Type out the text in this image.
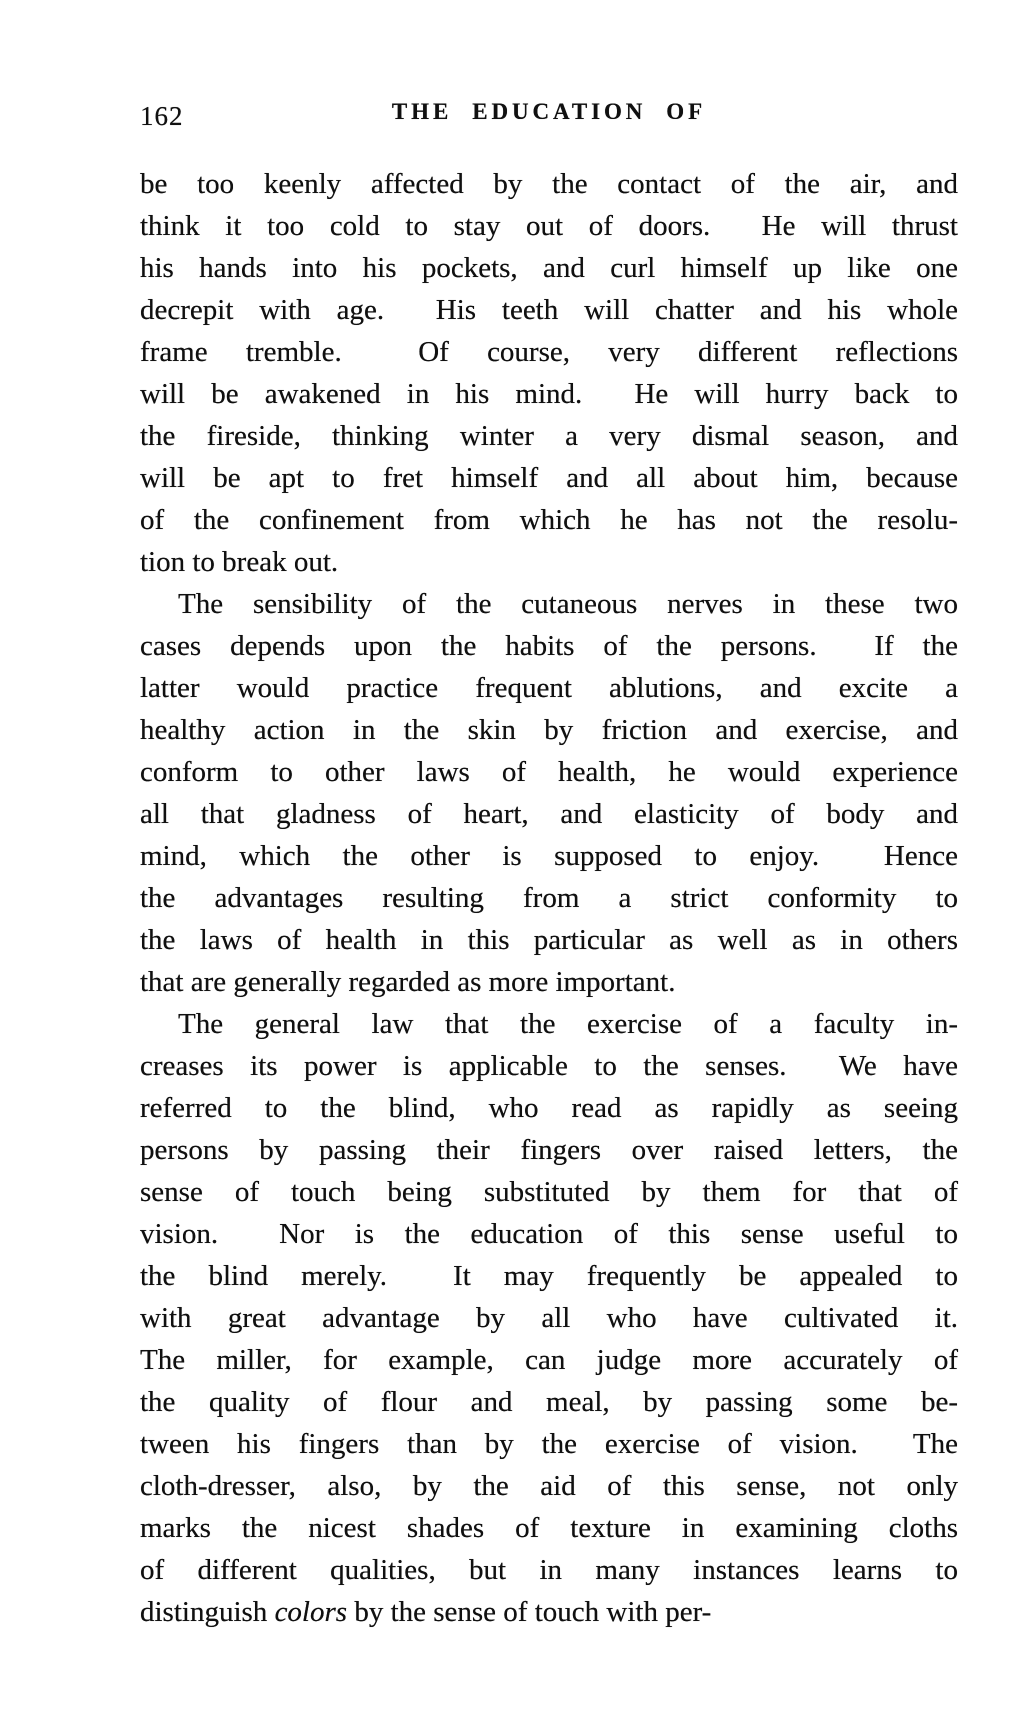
162	THE EDUCATION OF
be too keenly affected by the contact of the air, and
think it too cold to stay out of doors.  He will thrust
his hands into his pockets, and curl himself up like one
decrepit with age.  His teeth will chatter and his whole
frame tremble.  Of course, very different reflections
will be awakened in his mind.  He will hurry back to
the fireside, thinking winter a very dismal season, and
will be apt to fret himself and all about him, because
of the confinement from which he has not the resolu-
tion to break out.
The sensibility of the cutaneous nerves in these two
cases depends upon the habits of the persons.  If the
latter would practice frequent ablutions, and excite a
healthy action in the skin by friction and exercise, and
conform to other laws of health, he would experience
all that gladness of heart, and elasticity of body and
mind, which the other is supposed to enjoy.  Hence
the advantages resulting from a strict conformity to
the laws of health in this particular as well as in others
that are generally regarded as more important.
The general law that the exercise of a faculty in-
creases its power is applicable to the senses.  We have
referred to the blind, who read as rapidly as seeing
persons by passing their fingers over raised letters, the
sense of touch being substituted by them for that of
vision.  Nor is the education of this sense useful to
the blind merely.  It may frequently be appealed to
with great advantage by all who have cultivated it.
The miller, for example, can judge more accurately of
the quality of flour and meal, by passing some be-
tween his fingers than by the exercise of vision.  The
cloth-dresser, also, by the aid of this sense, not only
marks the nicest shades of texture in examining cloths
of different qualities, but in many instances learns to
distinguish colors by the sense of touch with per-
